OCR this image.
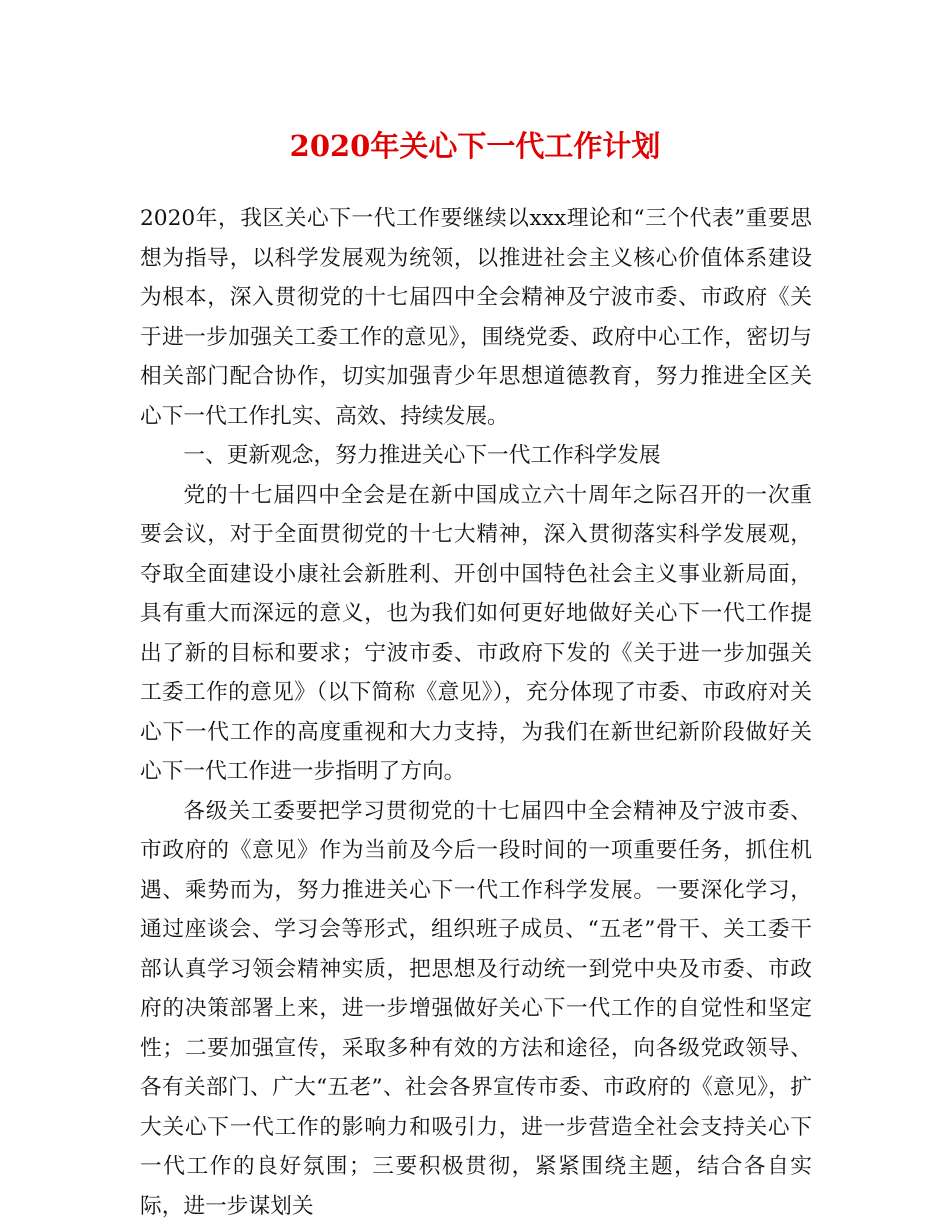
2020年关心下一代工作计划

2020年，我区关心下一代工作要继续以xxx理论和“三个代表”重要思想为指导，以科学发展观为统领，以推进社会主义核心价值体系建设为根本，深入贯彻党的十七届四中全会精神及宁波市委、市政府《关于进一步加强关工委工作的意见》，围绕党委、政府中心工作，密切与相关部门配合协作，切实加强青少年思想道德教育，努力推进全区关心下一代工作扎实、高效、持续发展。

一、更新观念，努力推进关心下一代工作科学发展

党的十七届四中全会是在新中国成立六十周年之际召开的一次重要会议，对于全面贯彻党的十七大精神，深入贯彻落实科学发展观，夺取全面建设小康社会新胜利、开创中国特色社会主义事业新局面，具有重大而深远的意义，也为我们如何更好地做好关心下一代工作提出了新的目标和要求；宁波市委、市政府下发的《关于进一步加强关工委工作的意见》（以下简称《意见》），充分体现了市委、市政府对关心下一代工作的高度重视和大力支持，为我们在新世纪新阶段做好关心下一代工作进一步指明了方向。

各级关工委要把学习贯彻党的十七届四中全会精神及宁波市委、市政府的《意见》作为当前及今后一段时间的一项重要任务，抓住机遇、乘势而为，努力推进关心下一代工作科学发展。一要深化学习，通过座谈会、学习会等形式，组织班子成员、“五老”骨干、关工委干部认真学习领会精神实质，把思想及行动统一到党中央及市委、市政府的决策部署上来，进一步增强做好关心下一代工作的自觉性和坚定性；二要加强宣传，采取多种有效的方法和途径，向各级党政领导、各有关部门、广大“五老”、社会各界宣传市委、市政府的《意见》，扩大关心下一代工作的影响力和吸引力，进一步营造全社会支持关心下一代工作的良好氛围；三要积极贯彻，紧紧围绕主题，结合各自实际，进一步谋划关
